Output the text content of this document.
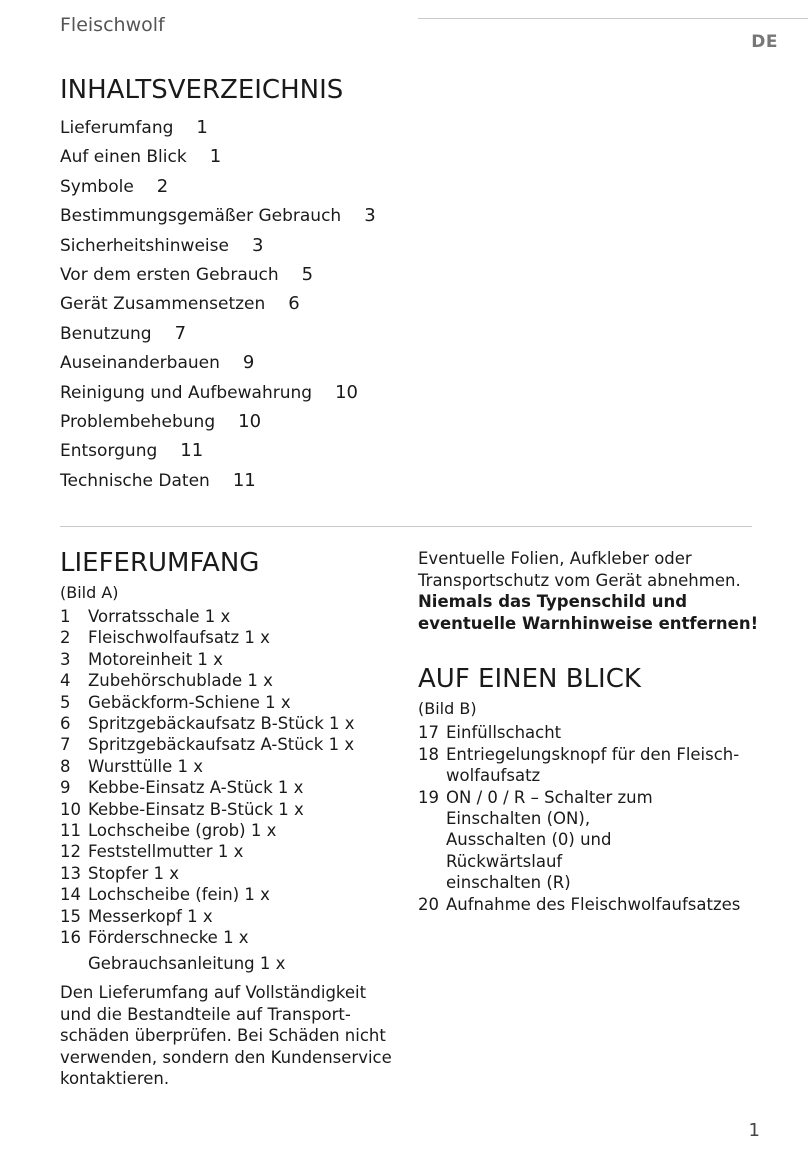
Fleischwolf
DE
INHALTSVERZEICHNIS
Lieferumfang 1
Auf einen Blick 1
Symbole 2
Bestimmungsgemäßer Gebrauch 3
Sicherheitshinweise 3
Vor dem ersten Gebrauch 5
Gerät Zusammensetzen 6
Benutzung 7
Auseinanderbauen 9
Reinigung und Aufbewahrung 10
Problembehebung 10
Entsorgung 11
Technische Daten 11
LIEFERUMFANG
(Bild A)
1	Vorratsschale 1 x
2	Fleischwolfaufsatz 1 x
3	Motoreinheit 1 x
4	Zubehörschublade 1 x
5	Gebäckform-Schiene 1 x
6	Spritzgebäckaufsatz B-Stück 1 x
7	Spritzgebäckaufsatz A-Stück 1 x
8	Wursttülle 1 x
9	Kebbe-Einsatz A-Stück 1 x
10 Kebbe-Einsatz B-Stück 1 x
11 Lochscheibe (grob) 1 x
12 Feststellmutter 1 x
13 Stopfer 1 x
14 Lochscheibe (fein) 1 x
15 Messerkopf 1 x
16 Förderschnecke 1 x
Gebrauchsanleitung 1 x

Den Lieferumfang auf Vollständigkeit und die Bestandteile auf Transportschäden überprüfen. Bei Schäden nicht verwenden, sondern den Kundenservice kontaktieren.

Eventuelle Folien, Aufkleber oder Transportschutz vom Gerät abnehmen.

Niemals das Typenschild und eventuelle Warnhinweise entfernen!

AUF EINEN BLICK
(Bild B)
17 Einfüllschacht
18 Entriegelungsknopf für den Fleischwolfaufsatz
19 ON / 0 / R – Schalter zum Einschalten (ON), Ausschalten (0) und Rückwärtslauf einschalten (R)
20 Aufnahme des Fleischwolfaufsatzes
1
